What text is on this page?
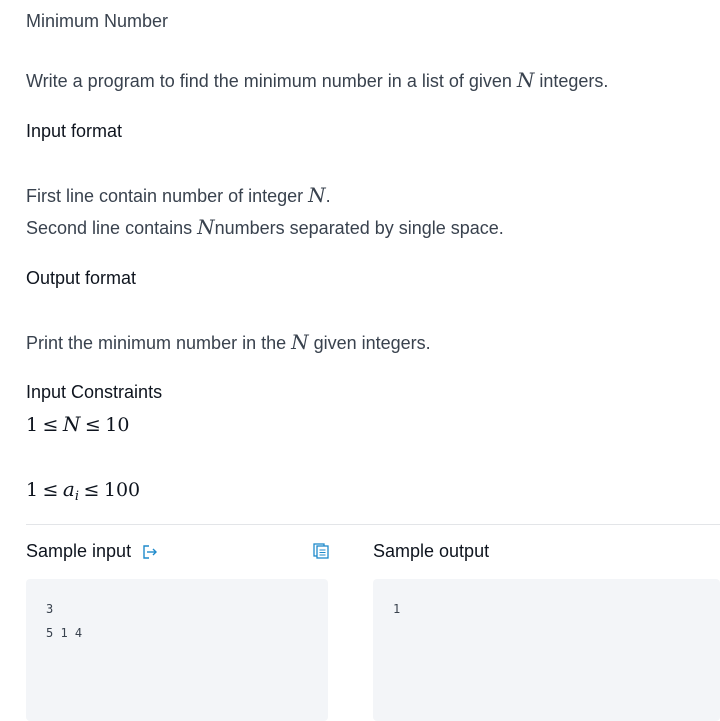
Minimum Number
Write a program to find the minimum number in a list of given N integers.
Input format
First line contain number of integer N.
Second line contains Nnumbers separated by single space.
Output format
Print the minimum number in the N given integers.
Input Constraints
1 ≤ N ≤ 10
$1 \le a_i \le 100$
Sample input	Sample output
3
5 1 4
1
